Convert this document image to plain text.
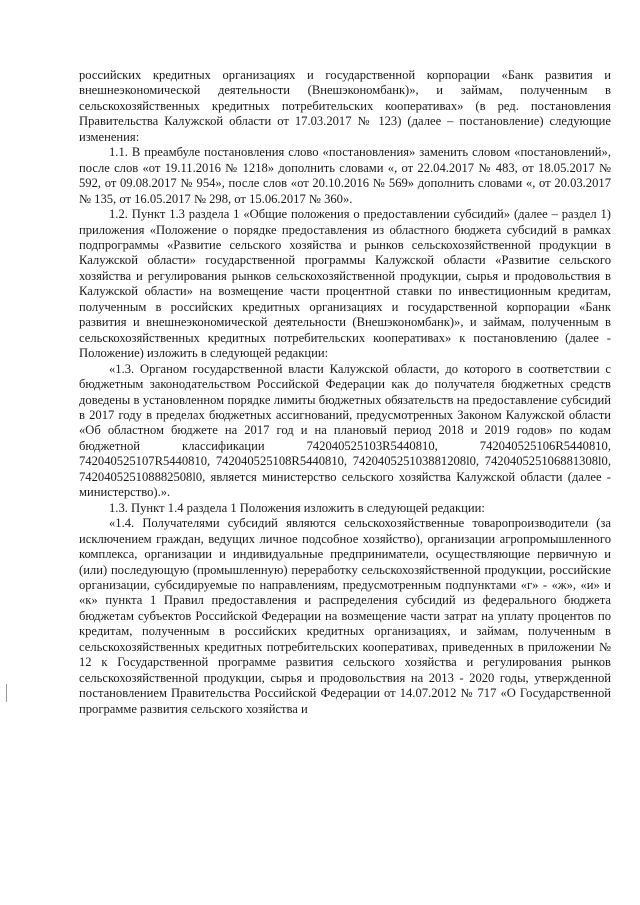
российских кредитных организациях и государственной корпорации «Банк развития и внешнеэкономической деятельности (Внешэкономбанк)», и займам, полученным в сельскохозяйственных кредитных потребительских кооперативах» (в ред. постановления Правительства Калужской области от 17.03.2017 № 123) (далее – постановление) следующие изменения:

1.1. В преамбуле постановления слово «постановления» заменить словом «постановлений», после слов «от 19.11.2016 № 1218» дополнить словами «, от 22.04.2017 № 483, от 18.05.2017 № 592, от 09.08.2017 № 954», после слов «от 20.10.2016 № 569» дополнить словами «, от 20.03.2017 № 135, от 16.05.2017 № 298, от 15.06.2017 № 360».

1.2. Пункт 1.3 раздела 1 «Общие положения о предоставлении субсидий» (далее – раздел 1) приложения «Положение о порядке предоставления из областного бюджета субсидий в рамках подпрограммы «Развитие сельского хозяйства и рынков сельскохозяйственной продукции в Калужской области» государственной программы Калужской области «Развитие сельского хозяйства и регулирования рынков сельскохозяйственной продукции, сырья и продовольствия в Калужской области» на возмещение части процентной ставки по инвестиционным кредитам, полученным в российских кредитных организациях и государственной корпорации «Банк развития и внешнеэкономической деятельности (Внешэкономбанк)», и займам, полученным в сельскохозяйственных кредитных потребительских кооперативах» к постановлению (далее - Положение) изложить в следующей редакции:

«1.3. Органом государственной власти Калужской области, до которого в соответствии с бюджетным законодательством Российской Федерации как до получателя бюджетных средств доведены в установленном порядке лимиты бюджетных обязательств на предоставление субсидий в 2017 году в пределах бюджетных ассигнований, предусмотренных Законом Калужской области «Об областном бюджете на 2017 год и на плановый период 2018 и 2019 годов» по кодам бюджетной классификации 742040525103R5440810, 742040525106R5440810, 742040525107R5440810, 742040525108R5440810, 742040525103881208l0, 742040525106881308l0, 742040525108882508l0, является министерство сельского хозяйства Калужской области (далее - министерство).».

1.3. Пункт 1.4 раздела 1 Положения изложить в следующей редакции:

«1.4. Получателями субсидий являются сельскохозяйственные товаропроизводители (за исключением граждан, ведущих личное подсобное хозяйство), организации агропромышленного комплекса, организации и индивидуальные предприниматели, осуществляющие первичную и (или) последующую (промышленную) переработку сельскохозяйственной продукции, российские организации, субсидируемые по направлениям, предусмотренным подпунктами «г» - «ж», «и» и «к» пункта 1 Правил предоставления и распределения субсидий из федерального бюджета бюджетам субъектов Российской Федерации на возмещение части затрат на уплату процентов по кредитам, полученным в российских кредитных организациях, и займам, полученным в сельскохозяйственных кредитных потребительских кооперативах, приведенных в приложении № 12 к Государственной программе развития сельского хозяйства и регулирования рынков сельскохозяйственной продукции, сырья и продовольствия на 2013 - 2020 годы, утвержденной постановлением Правительства Российской Федерации от 14.07.2012 № 717 «О Государственной программе развития сельского хозяйства и
